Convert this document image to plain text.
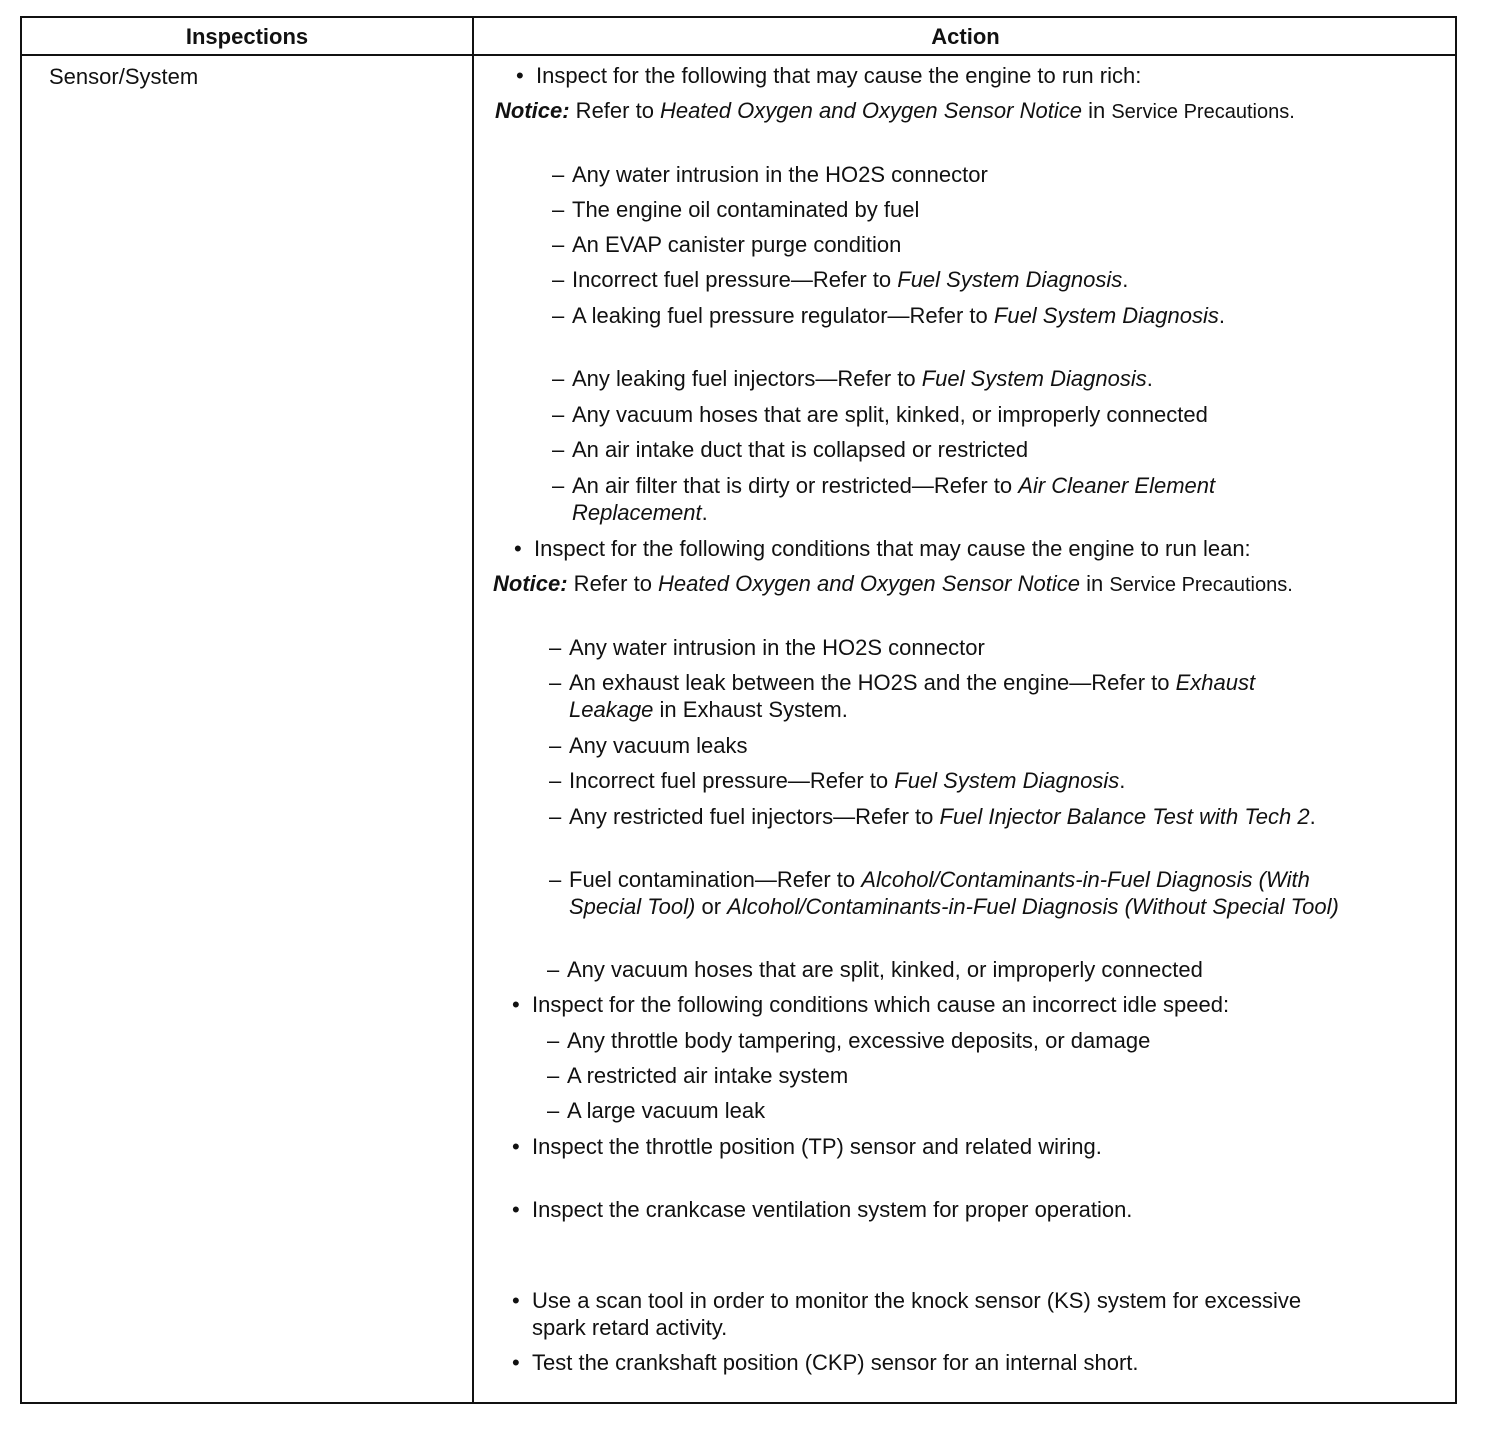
Inspections	Action
Sensor/System	• Inspect for the following that may cause the engine to run rich:
Notice: Refer to Heated Oxygen and Oxygen Sensor Notice in Service Precautions.
– Any water intrusion in the HO2S connector
– The engine oil contaminated by fuel
– An EVAP canister purge condition
– Incorrect fuel pressure—Refer to Fuel System Diagnosis.
– A leaking fuel pressure regulator—Refer to Fuel System Diagnosis.
– Any leaking fuel injectors—Refer to Fuel System Diagnosis.
– Any vacuum hoses that are split, kinked, or improperly connected
– An air intake duct that is collapsed or restricted
– An air filter that is dirty or restricted—Refer to Air Cleaner Element
Replacement.
• Inspect for the following conditions that may cause the engine to run lean:
Notice: Refer to Heated Oxygen and Oxygen Sensor Notice in Service Precautions.
– Any water intrusion in the HO2S connector
– An exhaust leak between the HO2S and the engine—Refer to Exhaust
Leakage in Exhaust System.
– Any vacuum leaks
– Incorrect fuel pressure—Refer to Fuel System Diagnosis.
– Any restricted fuel injectors—Refer to Fuel Injector Balance Test with Tech 2.
– Fuel contamination—Refer to Alcohol/Contaminants-in-Fuel Diagnosis (With
Special Tool) or Alcohol/Contaminants-in-Fuel Diagnosis (Without Special Tool)
– Any vacuum hoses that are split, kinked, or improperly connected
• Inspect for the following conditions which cause an incorrect idle speed:
– Any throttle body tampering, excessive deposits, or damage
– A restricted air intake system
– A large vacuum leak
• Inspect the throttle position (TP) sensor and related wiring.
• Inspect the crankcase ventilation system for proper operation.
• Use a scan tool in order to monitor the knock sensor (KS) system for excessive
spark retard activity.
• Test the crankshaft position (CKP) sensor for an internal short.
